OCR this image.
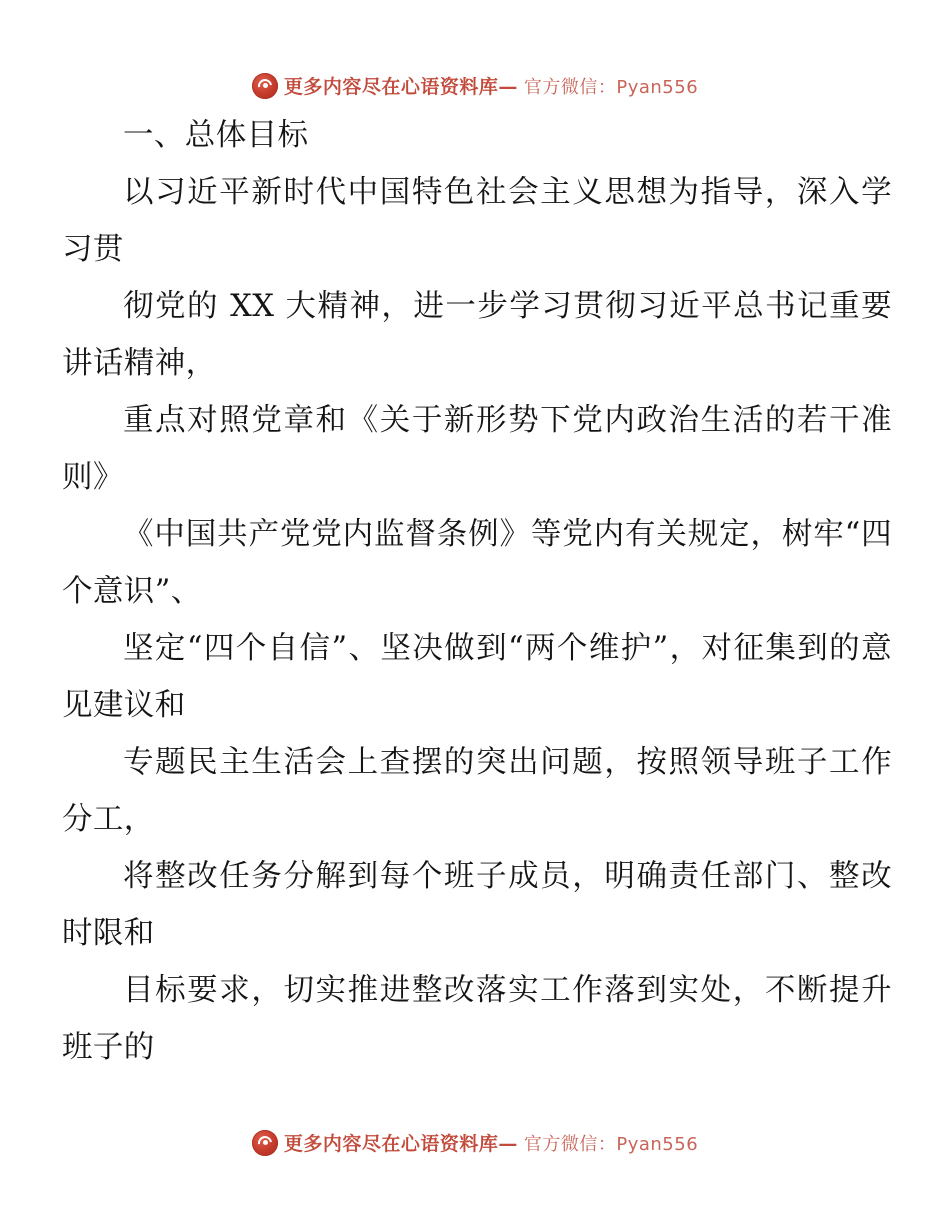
更多内容尽在心语资料库— 官方微信：Pyan556

一、总体目标

以习近平新时代中国特色社会主义思想为指导，深入学习贯

彻党的 XX 大精神，进一步学习贯彻习近平总书记重要讲话精神，

重点对照党章和《关于新形势下党内政治生活的若干准则》

《中国共产党党内监督条例》等党内有关规定，树牢“四个意识”、

坚定“四个自信”、坚决做到“两个维护”，对征集到的意见建议和

专题民主生活会上查摆的突出问题，按照领导班子工作分工，

将整改任务分解到每个班子成员，明确责任部门、整改时限和

目标要求，切实推进整改落实工作落到实处，不断提升班子的

更多内容尽在心语资料库— 官方微信：Pyan556
